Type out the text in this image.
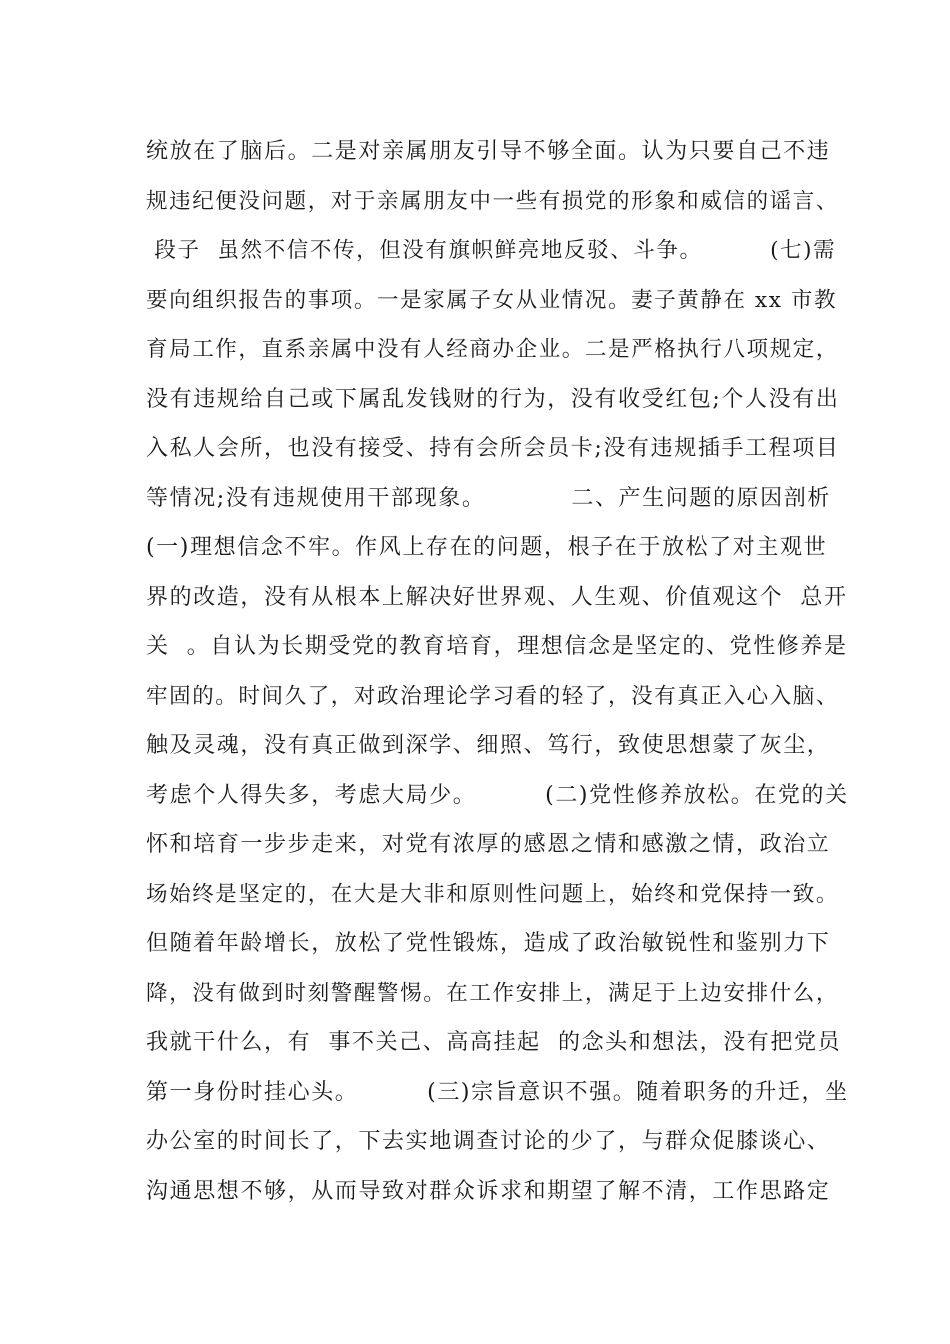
统放在了脑后。二是对亲属朋友引导不够全面。认为只要自己不违
规违纪便没问题，对于亲属朋友中一些有损党的形象和威信的谣言、
段子  虽然不信不传，但没有旗帜鲜亮地反驳、斗争。        (七)需
要向组织报告的事项。一是家属子女从业情况。妻子黄静在 xx 市教
育局工作，直系亲属中没有人经商办企业。二是严格执行八项规定，
没有违规给自己或下属乱发钱财的行为，没有收受红包;个人没有出
入私人会所，也没有接受、持有会所会员卡;没有违规插手工程项目
等情况;没有违规使用干部现象。          二、产生问题的原因剖析
(一)理想信念不牢。作风上存在的问题，根子在于放松了对主观世
界的改造，没有从根本上解决好世界观、人生观、价值观这个  总开
关  。自认为长期受党的教育培育，理想信念是坚定的、党性修养是
牢固的。时间久了，对政治理论学习看的轻了，没有真正入心入脑、
触及灵魂，没有真正做到深学、细照、笃行，致使思想蒙了灰尘，
考虑个人得失多，考虑大局少。        (二)党性修养放松。在党的关
怀和培育一步步走来，对党有浓厚的感恩之情和感激之情，政治立
场始终是坚定的，在大是大非和原则性问题上，始终和党保持一致。
但随着年龄增长，放松了党性锻炼，造成了政治敏锐性和鉴别力下
降，没有做到时刻警醒警惕。在工作安排上，满足于上边安排什么，
我就干什么，有  事不关己、高高挂起  的念头和想法，没有把党员
第一身份时挂心头。        (三)宗旨意识不强。随着职务的升迁，坐
办公室的时间长了，下去实地调查讨论的少了，与群众促膝谈心、
沟通思想不够，从而导致对群众诉求和期望了解不清，工作思路定
